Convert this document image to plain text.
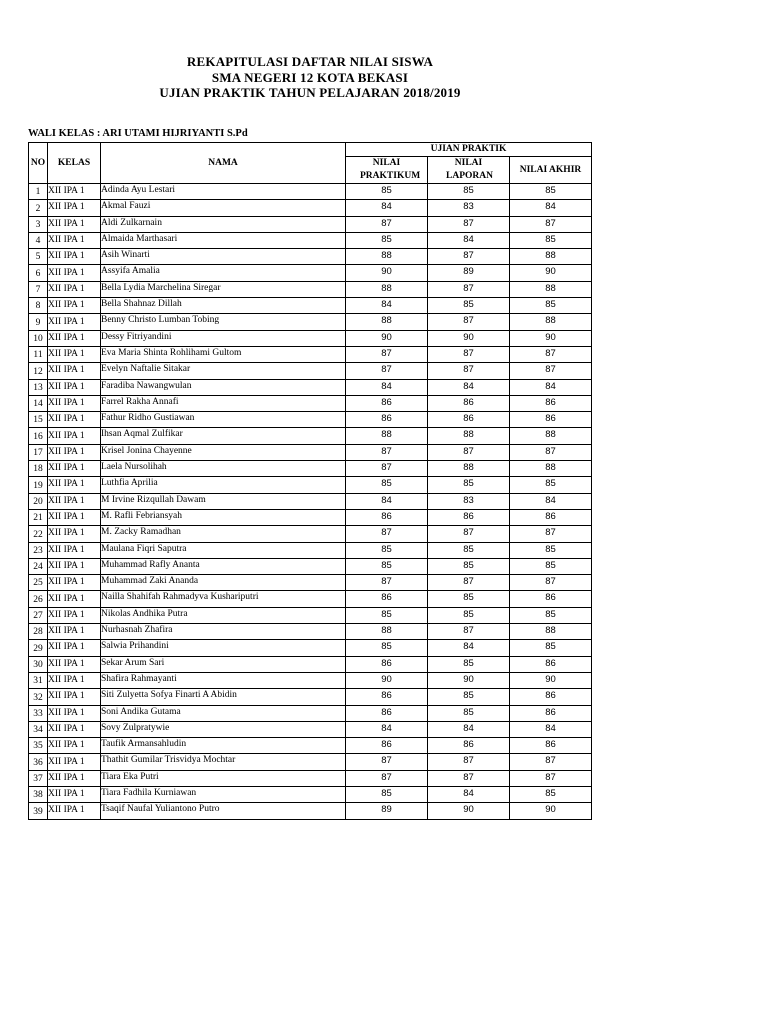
REKAPITULASI DAFTAR NILAI SISWA
SMA NEGERI 12 KOTA BEKASI
UJIAN PRAKTIK TAHUN PELAJARAN 2018/2019
WALI KELAS : ARI UTAMI HIJRIYANTI S.Pd
NO	KELAS	NAMA	UJIAN PRAKTIK		
			NILAI PRAKTIKUM	NILAI LAPORAN	NILAI AKHIR
1	XII IPA 1	Adinda Ayu Lestari	85	85	85
2	XII IPA 1	Akmal Fauzi	84	83	84
3	XII IPA 1	Aldi Zulkarnain	87	87	87
4	XII IPA 1	Almaida Marthasari	85	84	85
5	XII IPA 1	Asih Winarti	88	87	88
6	XII IPA 1	Assyifa Amalia	90	89	90
7	XII IPA 1	Bella Lydia Marchelina Siregar	88	87	88
8	XII IPA 1	Bella Shahnaz Dillah	84	85	85
9	XII IPA 1	Benny Christo Lumban Tobing	88	87	88
10	XII IPA 1	Dessy Fitriyandini	90	90	90
11	XII IPA 1	Eva Maria Shinta Rohlihami Gultom	87	87	87
12	XII IPA 1	Evelyn Naftalie Sitakar	87	87	87
13	XII IPA 1	Faradiba Nawangwulan	84	84	84
14	XII IPA 1	Farrel Rakha Annafi	86	86	86
15	XII IPA 1	Fathur Ridho Gustiawan	86	86	86
16	XII IPA 1	Ihsan Aqmal Zulfikar	88	88	88
17	XII IPA 1	Krisel Jonina Chayenne	87	87	87
18	XII IPA 1	Laela Nursolihah	87	88	88
19	XII IPA 1	Luthfia Aprilia	85	85	85
20	XII IPA 1	M Irvine Rizqullah Dawam	84	83	84
21	XII IPA 1	M. Rafli Febriansyah	86	86	86
22	XII IPA 1	M. Zacky Ramadhan	87	87	87
23	XII IPA 1	Maulana Fiqri Saputra	85	85	85
24	XII IPA 1	Muhammad Rafly Ananta	85	85	85
25	XII IPA 1	Muhammad Zaki Ananda	87	87	87
26	XII IPA 1	Nailla Shahifah Rahmadyva Kushariputri	86	85	86
27	XII IPA 1	Nikolas Andhika Putra	85	85	85
28	XII IPA 1	Nurhasnah Zhafira	88	87	88
29	XII IPA 1	Salwia Prihandini	85	84	85
30	XII IPA 1	Sekar Arum Sari	86	85	86
31	XII IPA 1	Shafira Rahmayanti	90	90	90
32	XII IPA 1	Siti Zulyetta Sofya Finarti A Abidin	86	85	86
33	XII IPA 1	Soni Andika Gutama	86	85	86
34	XII IPA 1	Sovy Zulpratywie	84	84	84
35	XII IPA 1	Taufik Armansahludin	86	86	86
36	XII IPA 1	Thathit Gumilar Trisvidya Mochtar	87	87	87
37	XII IPA 1	Tiara Eka Putri	87	87	87
38	XII IPA 1	Tiara Fadhila Kurniawan	85	84	85
39	XII IPA 1	Tsaqif Naufal Yuliantono Putro	89	90	90
